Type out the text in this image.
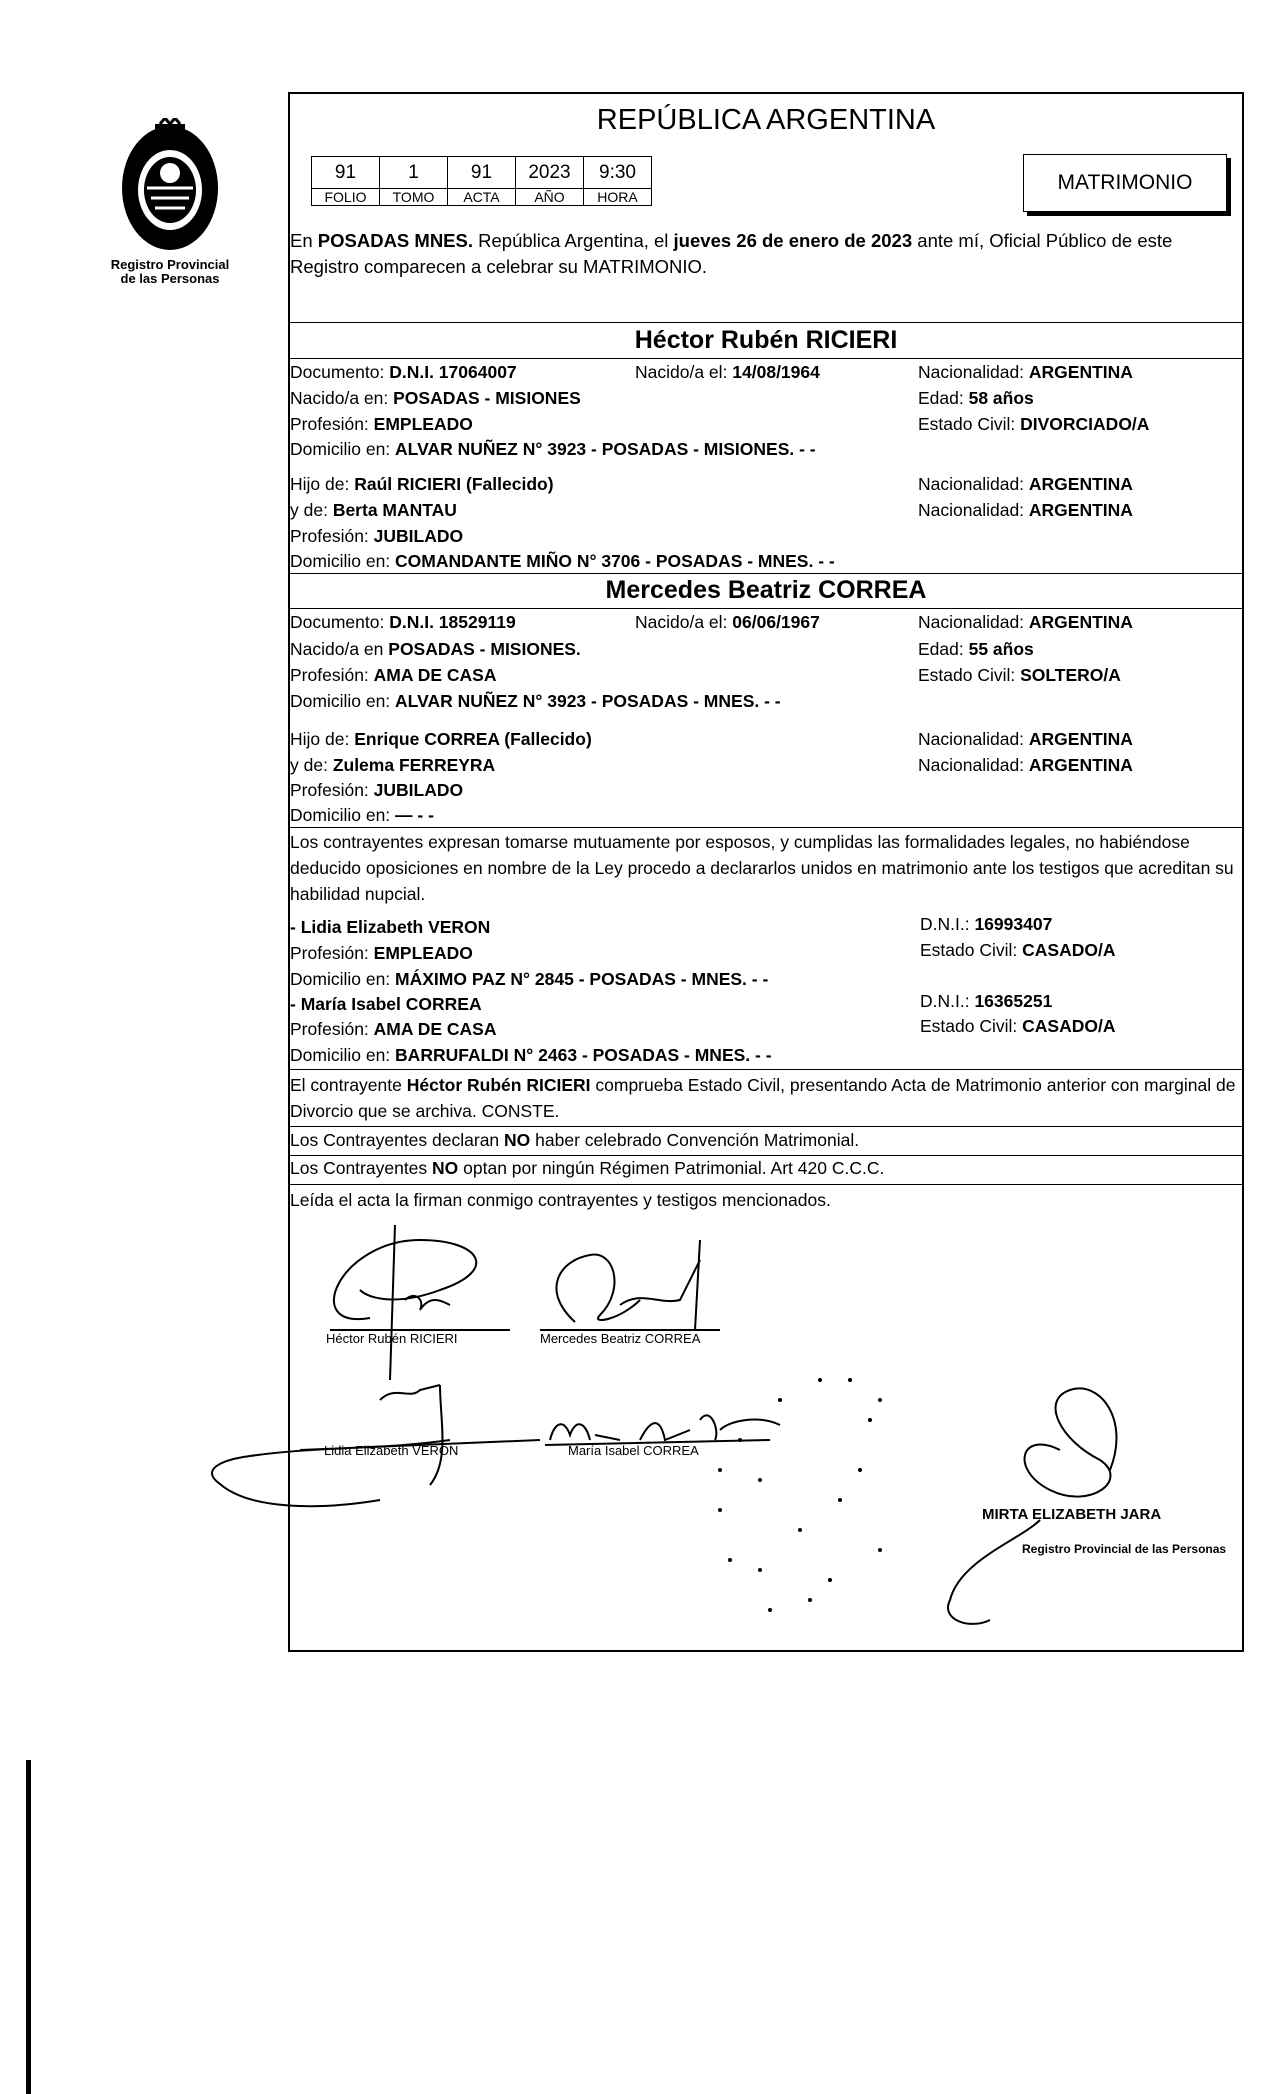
Registro Provincial
de las Personas
REPÚBLICA ARGENTINA
91	1	91	2023	9:30
FOLIO	TOMO	ACTA	AÑO	HORA
MATRIMONIO
En POSADAS MNES. República Argentina, el jueves 26 de enero de 2023 ante mí, Oficial Público de este Registro comparecen a celebrar su MATRIMONIO.
Héctor Rubén RICIERI
Documento: D.N.I. 17064007	Nacido/a el: 14/08/1964	Nacionalidad: ARGENTINA
Nacido/a en: POSADAS - MISIONES	Edad: 58 años
Profesión: EMPLEADO	Estado Civil: DIVORCIADO/A
Domicilio en: ALVAR NUÑEZ N° 3923 - POSADAS - MISIONES. - -
Hijo de: Raúl RICIERI (Fallecido)	Nacionalidad: ARGENTINA
y de: Berta MANTAU	Nacionalidad: ARGENTINA
Profesión: JUBILADO
Domicilio en: COMANDANTE MIÑO N° 3706 - POSADAS - MNES. - -
Mercedes Beatriz CORREA
Documento: D.N.I. 18529119	Nacido/a el: 06/06/1967	Nacionalidad: ARGENTINA
Nacido/a en POSADAS - MISIONES.	Edad: 55 años
Profesión: AMA DE CASA	Estado Civil: SOLTERO/A
Domicilio en: ALVAR NUÑEZ N° 3923 - POSADAS - MNES. - -
Hijo de: Enrique CORREA (Fallecido)	Nacionalidad: ARGENTINA
y de: Zulema FERREYRA	Nacionalidad: ARGENTINA
Profesión: JUBILADO
Domicilio en: — - -
Los contrayentes expresan tomarse mutuamente por esposos, y cumplidas las formalidades legales, no habiéndose deducido oposiciones en nombre de la Ley procedo a declararlos unidos en matrimonio ante los testigos que acreditan su habilidad nupcial.
- Lidia Elizabeth VERON	D.N.I.: 16993407
Profesión: EMPLEADO	Estado Civil: CASADO/A
Domicilio en: MÁXIMO PAZ N° 2845 - POSADAS - MNES. - -
- María Isabel CORREA	D.N.I.: 16365251
Profesión: AMA DE CASA	Estado Civil: CASADO/A
Domicilio en: BARRUFALDI N° 2463 - POSADAS - MNES. - -
El contrayente Héctor Rubén RICIERI comprueba Estado Civil, presentando Acta de Matrimonio anterior con marginal de Divorcio que se archiva. CONSTE.
Los Contrayentes declaran NO haber celebrado Convención Matrimonial.
Los Contrayentes NO optan por ningún Régimen Patrimonial. Art 420 C.C.C.
Leída el acta la firman conmigo contrayentes y testigos mencionados.
Héctor Rubén RICIERI	Mercedes Beatriz CORREA
Lidia Elizabeth VERON	María Isabel CORREA
MIRTA ELIZABETH JARA
Registro Provincial de las Personas
